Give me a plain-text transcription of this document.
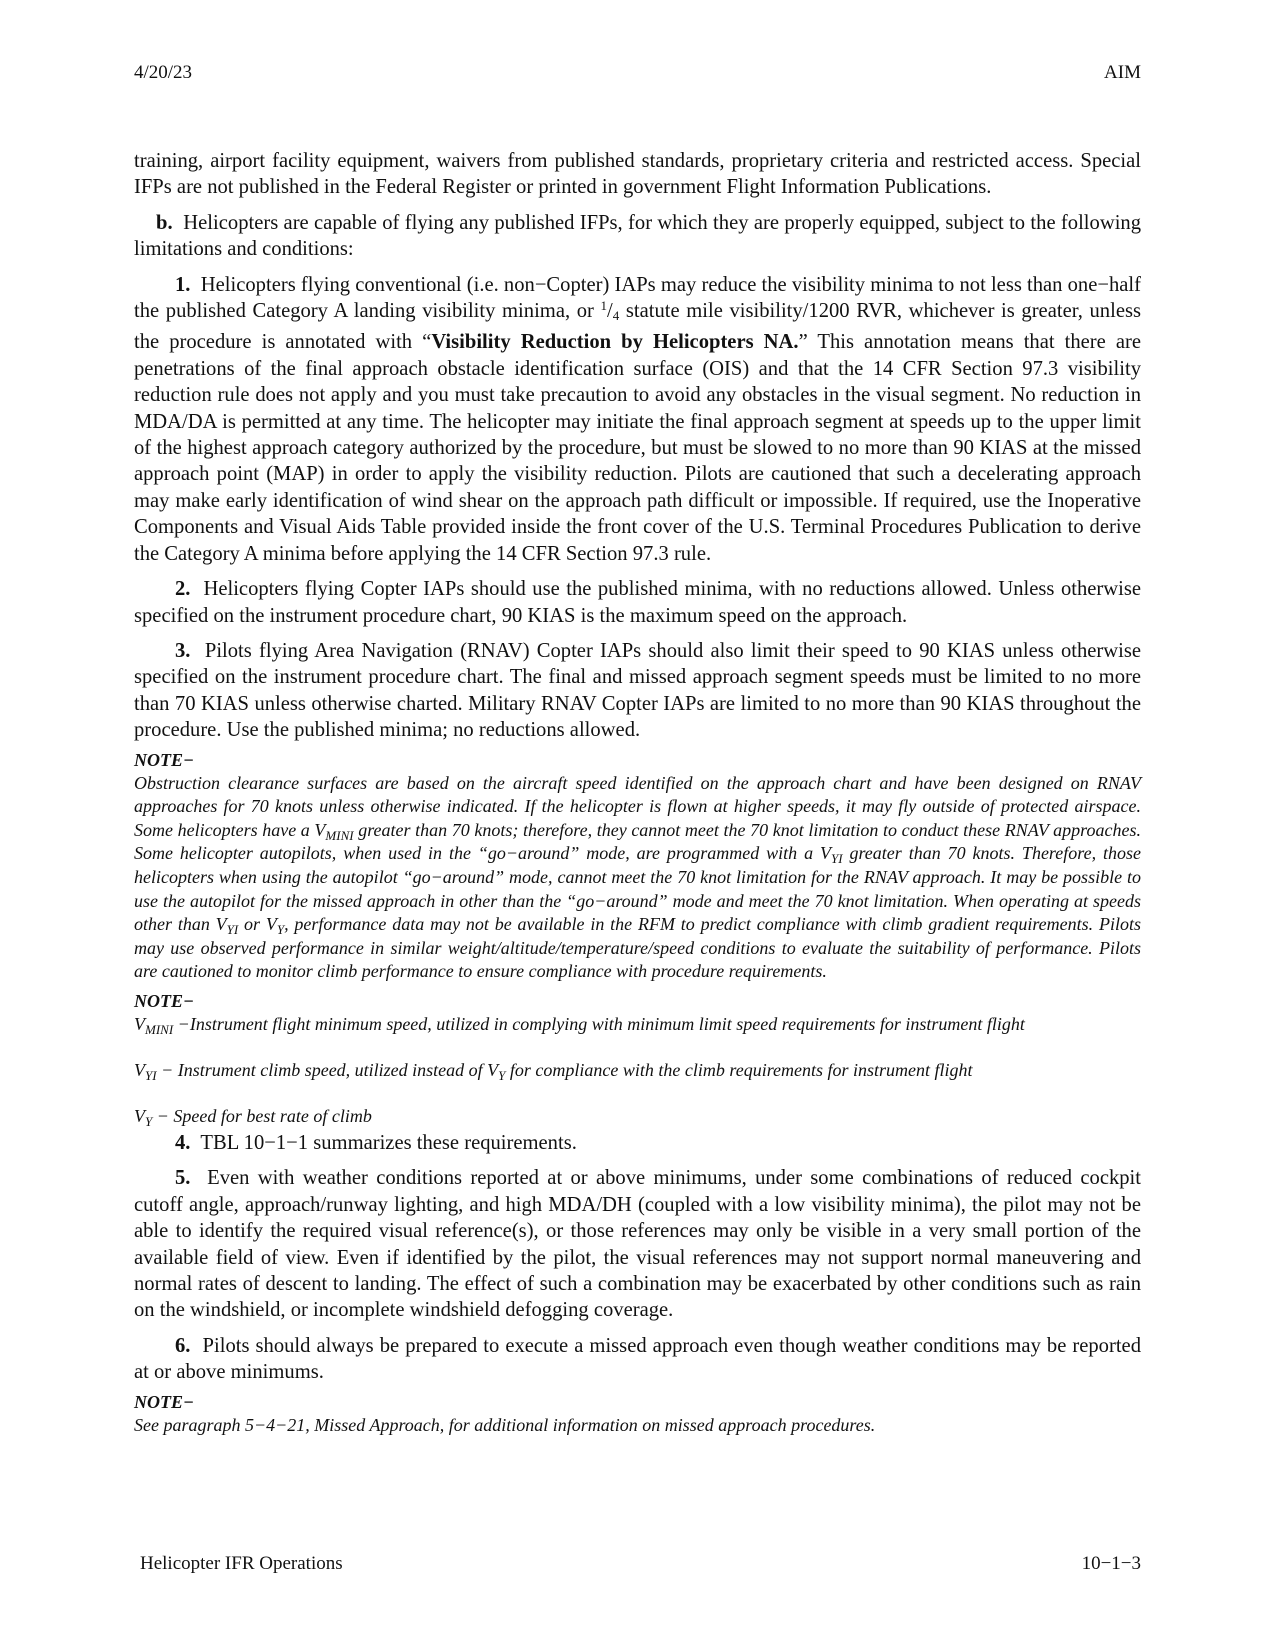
4/20/23	AIM

training, airport facility equipment, waivers from published standards, proprietary criteria and restricted access. Special IFPs are not published in the Federal Register or printed in government Flight Information Publications.

b. Helicopters are capable of flying any published IFPs, for which they are properly equipped, subject to the following limitations and conditions:

1. Helicopters flying conventional (i.e. non−Copter) IAPs may reduce the visibility minima to not less than one−half the published Category A landing visibility minima, or $^1$/4 statute mile visibility/1200 RVR, whichever is greater, unless the procedure is annotated with “Visibility Reduction by Helicopters NA.” This annotation means that there are penetrations of the final approach obstacle identification surface (OIS) and that the 14 CFR Section 97.3 visibility reduction rule does not apply and you must take precaution to avoid any obstacles in the visual segment. No reduction in MDA/DA is permitted at any time. The helicopter may initiate the final approach segment at speeds up to the upper limit of the highest approach category authorized by the procedure, but must be slowed to no more than 90 KIAS at the missed approach point (MAP) in order to apply the visibility reduction. Pilots are cautioned that such a decelerating approach may make early identification of wind shear on the approach path difficult or impossible. If required, use the Inoperative Components and Visual Aids Table provided inside the front cover of the U.S. Terminal Procedures Publication to derive the Category A minima before applying the 14 CFR Section 97.3 rule.

2. Helicopters flying Copter IAPs should use the published minima, with no reductions allowed. Unless otherwise specified on the instrument procedure chart, 90 KIAS is the maximum speed on the approach.

3. Pilots flying Area Navigation (RNAV) Copter IAPs should also limit their speed to 90 KIAS unless otherwise specified on the instrument procedure chart. The final and missed approach segment speeds must be limited to no more than 70 KIAS unless otherwise charted. Military RNAV Copter IAPs are limited to no more than 90 KIAS throughout the procedure. Use the published minima; no reductions allowed.

NOTE−

Obstruction clearance surfaces are based on the aircraft speed identified on the approach chart and have been designed on RNAV approaches for 70 knots unless otherwise indicated. If the helicopter is flown at higher speeds, it may fly outside of protected airspace. Some helicopters have a $V_{MINI}$ greater than 70 knots; therefore, they cannot meet the 70 knot limitation to conduct these RNAV approaches. Some helicopter autopilots, when used in the “go−around” mode, are programmed with a $V_{YI}$ greater than 70 knots. Therefore, those helicopters when using the autopilot “go−around” mode, cannot meet the 70 knot limitation for the RNAV approach. It may be possible to use the autopilot for the missed approach in other than the “go−around” mode and meet the 70 knot limitation. When operating at speeds other than $V_{YI}$ or $V_Y$, performance data may not be available in the RFM to predict compliance with climb gradient requirements. Pilots may use observed performance in similar weight/altitude/temperature/speed conditions to evaluate the suitability of performance. Pilots are cautioned to monitor climb performance to ensure compliance with procedure requirements.

NOTE−

$V_{MINI}$ −Instrument flight minimum speed, utilized in complying with minimum limit speed requirements for instrument flight

$V_{YI}$ − Instrument climb speed, utilized instead of $V_Y$ for compliance with the climb requirements for instrument flight

$V_Y$ − Speed for best rate of climb

4. TBL 10−1−1 summarizes these requirements.

5. Even with weather conditions reported at or above minimums, under some combinations of reduced cockpit cutoff angle, approach/runway lighting, and high MDA/DH (coupled with a low visibility minima), the pilot may not be able to identify the required visual reference(s), or those references may only be visible in a very small portion of the available field of view. Even if identified by the pilot, the visual references may not support normal maneuvering and normal rates of descent to landing. The effect of such a combination may be exacerbated by other conditions such as rain on the windshield, or incomplete windshield defogging coverage.

6. Pilots should always be prepared to execute a missed approach even though weather conditions may be reported at or above minimums.

NOTE−

See paragraph 5−4−21, Missed Approach, for additional information on missed approach procedures.

Helicopter IFR Operations	10−1−3
